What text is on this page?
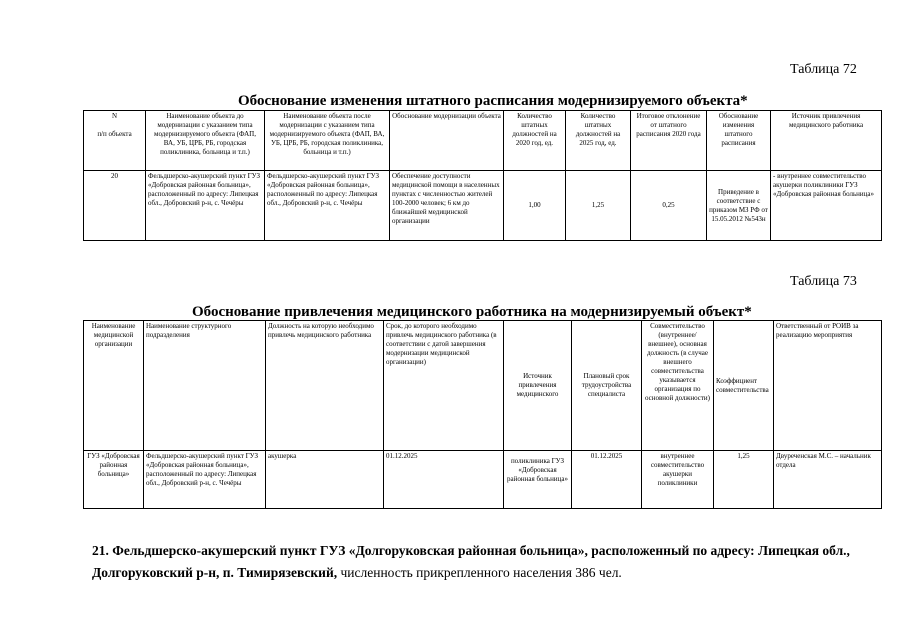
Таблица 72
Обоснование изменения штатного расписания модернизируемого объекта*
N

п/п объекта	Наименование объекта до модернизации с указанием типа модернизируемого объекта (ФАП, ВА, УБ, ЦРБ, РБ, городская поликлиника, больница и т.п.)	Наименование объекта после модернизации с указанием типа модернизируемого объекта (ФАП, ВА, УБ, ЦРБ, РБ, городская поликлиника, больница и т.п.)	Обоснование модернизации объекта	Количество штатных должностей на 2020 год, ед.	Количество штатных должностей на 2025 год, ед.	Итоговое отклонение от штатного расписания 2020 года	Обоснование изменения штатного расписания	Источник привлечения медицинского работника
20	Фельдшерско-акушерский пункт ГУЗ «Добровская районная больница», расположенный по адресу: Липецкая обл., Добровский р-н, с. Чечёры	Фельдшерско-акушерский пункт ГУЗ «Добровская районная больница», расположенный по адресу: Липецкая обл., Добровский р-н, с. Чечёры	Обеспечение доступности медицинской помощи в населенных пунктах с численностью жителей 100-2000 человек; 6 км до ближайшей медицинской организации	1,00	1,25	0,25	Приведение в соответствие с приказом МЗ РФ от 15.05.2012 №543н	- внутреннее совместительство акушерки поликлиники ГУЗ «Добровская районная больница»
Таблица 73
Обоснование привлечения медицинского работника на модернизируемый объект*
Наименование медицинской организации	Наименование структурного подразделения	Должность на которую необходимо привлечь медицинского работника	Срок, до которого необходимо привлечь медицинского работника (в соответствии с датой завершения модернизации медицинской организации)	Источник привлечения медицинского	Плановый срок трудоустройства специалиста	Совместительство (внутреннее/внешнее), основная должность (в случае внешнего совместительства указывается организация по основной должности)	Коэффициент совместительства	Ответственный от РОИВ за реализацию мероприятия
ГУЗ «Добровская районная больница»	Фельдшерско-акушерский пункт ГУЗ «Добровская районная больница», расположенный по адресу: Липецкая обл., Добровский р-н, с. Чечёры	акушерка	01.12.2025	поликлиника ГУЗ «Добровская районная больница»	01.12.2025	внутреннее совместительство акушерки поликлиники	1,25	Двуреченская М.С. – начальник отдела
21. Фельдшерско-акушерский пункт ГУЗ «Долгоруковская районная больница», расположенный по адресу: Липецкая обл., Долгоруковский р-н, п. Тимирязевский, численность прикрепленного населения 386 чел.
